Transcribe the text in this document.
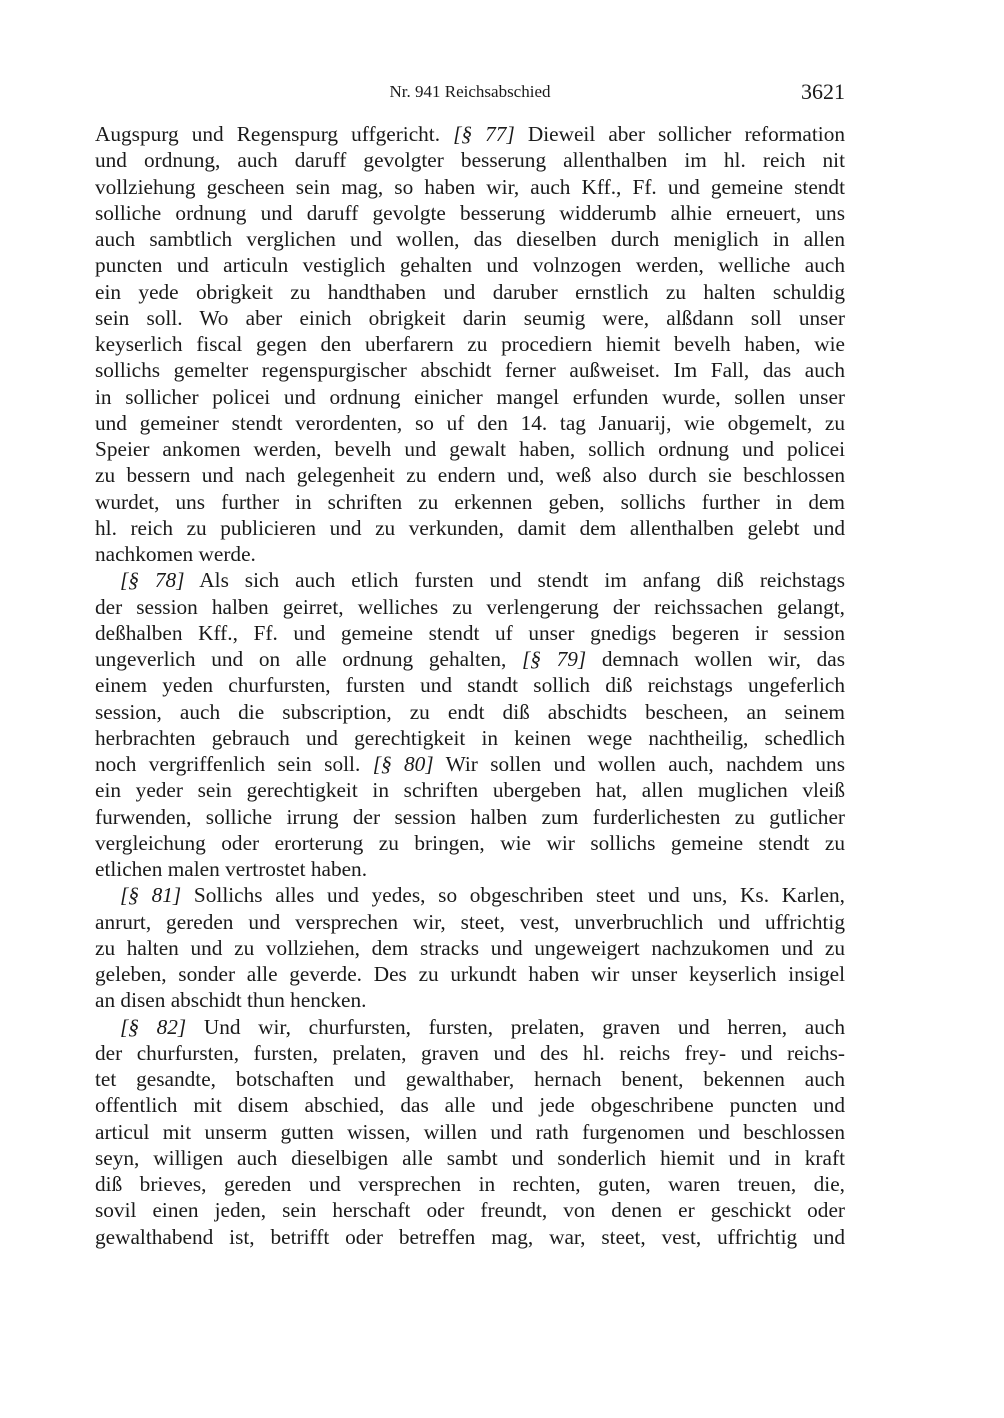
Nr. 941 Reichsabschied	3621
Augspurg und Regenspurg uffgericht. [§ 77] Dieweil aber sollicher reformation
und ordnung, auch daruff gevolgter besserung allenthalben im hl. reich nit
vollziehung gescheen sein mag, so haben wir, auch Kff., Ff. und gemeine stendt
solliche ordnung und daruff gevolgte besserung widderumb alhie erneuert, uns
auch sambtlich verglichen und wollen, das dieselben durch meniglich in allen
puncten und articuln vestiglich gehalten und volnzogen werden, welliche auch
ein yede obrigkeit zu handthaben und daruber ernstlich zu halten schuldig
sein soll. Wo aber einich obrigkeit darin seumig were, alßdann soll unser
keyserlich fiscal gegen den uberfarern zu procediern hiemit bevelh haben, wie
sollichs gemelter regenspurgischer abschidt ferner außweiset. Im Fall, das auch
in sollicher policei und ordnung einicher mangel erfunden wurde, sollen unser
und gemeiner stendt verordenten, so uf den 14. tag Januarij, wie obgemelt, zu
Speier ankomen werden, bevelh und gewalt haben, sollich ordnung und policei
zu bessern und nach gelegenheit zu endern und, weß also durch sie beschlossen
wurdet, uns further in schriften zu erkennen geben, sollichs further in dem
hl. reich zu publicieren und zu verkunden, damit dem allenthalben gelebt und
nachkomen werde.
[§ 78] Als sich auch etlich fursten und stendt im anfang diß reichstags
der session halben geirret, welliches zu verlengerung der reichssachen gelangt,
deßhalben Kff., Ff. und gemeine stendt uf unser gnedigs begeren ir session
ungeverlich und on alle ordnung gehalten, [§ 79] demnach wollen wir, das
einem yeden churfursten, fursten und standt sollich diß reichstags ungeferlich
session, auch die subscription, zu endt diß abschidts bescheen, an seinem
herbrachten gebrauch und gerechtigkeit in keinen wege nachtheilig, schedlich
noch vergriffenlich sein soll. [§ 80] Wir sollen und wollen auch, nachdem uns
ein yeder sein gerechtigkeit in schriften ubergeben hat, allen muglichen vleiß
furwenden, solliche irrung der session halben zum furderlichesten zu gutlicher
vergleichung oder erorterung zu bringen, wie wir sollichs gemeine stendt zu
etlichen malen vertrostet haben.
[§ 81] Sollichs alles und yedes, so obgeschriben steet und uns, Ks. Karlen,
anrurt, gereden und versprechen wir, steet, vest, unverbruchlich und uffrichtig
zu halten und zu vollziehen, dem stracks und ungeweigert nachzukomen und zu
geleben, sonder alle geverde. Des zu urkundt haben wir unser keyserlich insigel
an disen abschidt thun hencken.
[§ 82] Und wir, churfursten, fursten, prelaten, graven und herren, auch
der churfursten, fursten, prelaten, graven und des hl. reichs frey- und reichs-
tet gesandte, botschaften und gewalthaber, hernach benent, bekennen auch
offentlich mit disem abschied, das alle und jede obgeschribene puncten und
articul mit unserm gutten wissen, willen und rath furgenomen und beschlossen
seyn, willigen auch dieselbigen alle sambt und sonderlich hiemit und in kraft
diß brieves, gereden und versprechen in rechten, guten, waren treuen, die,
sovil einen jeden, sein herschaft oder freundt, von denen er geschickt oder
gewalthabend ist, betrifft oder betreffen mag, war, steet, vest, uffrichtig und
